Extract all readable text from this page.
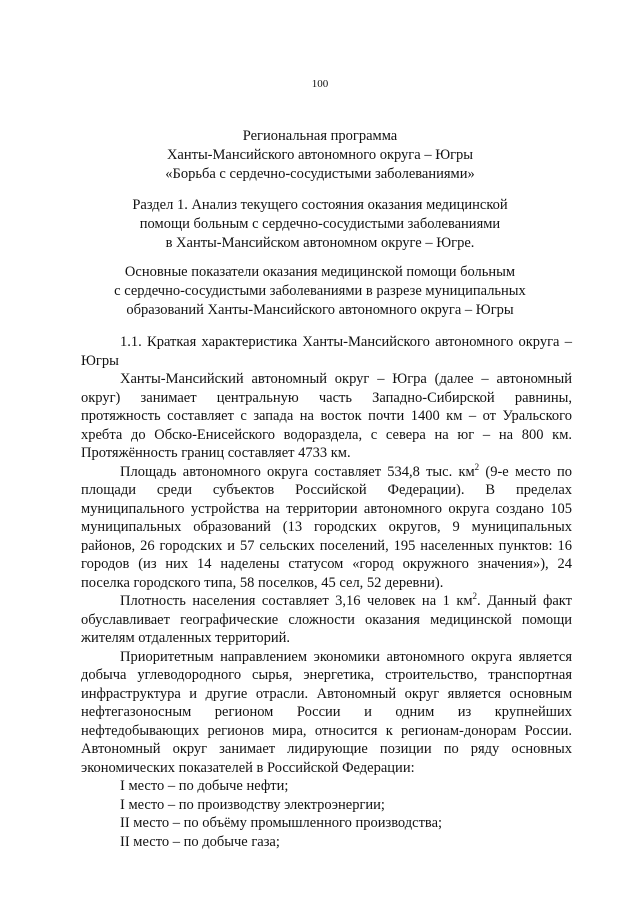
100
Региональная программа
Ханты-Мансийского автономного округа – Югры
«Борьба с сердечно-сосудистыми заболеваниями»
Раздел 1. Анализ текущего состояния оказания медицинской
помощи больным с сердечно-сосудистыми заболеваниями
в Ханты-Мансийском автономном округе – Югре.
Основные показатели оказания медицинской помощи больным
с сердечно-сосудистыми заболеваниями в разрезе муниципальных
образований Ханты-Мансийского автономного округа – Югры

1.1. Краткая характеристика Ханты-Мансийского автономного округа – Югры

Ханты-Мансийский автономный округ – Югра (далее – автономный округ) занимает центральную часть Западно-Сибирской равнины, протяжность составляет с запада на восток почти 1400 км – от Уральского хребта до Обско-Енисейского водораздела, с севера на юг – на 800 км. Протяжённость границ составляет 4733 км.

Площадь автономного округа составляет 534,8 тыс. $км^2$ (9-е место по площади среди субъектов Российской Федерации). В пределах муниципального устройства на территории автономного округа создано 105 муниципальных образований (13 городских округов, 9 муниципальных районов, 26 городских и 57 сельских поселений, 195 населенных пунктов: 16 городов (из них 14 наделены статусом «город окружного значения»), 24 поселка городского типа, 58 поселков, 45 сел, 52 деревни).

Плотность населения составляет 3,16 человек на 1 $км^2$. Данный факт обуславливает географические сложности оказания медицинской помощи жителям отдаленных территорий.

Приоритетным направлением экономики автономного округа является добыча углеводородного сырья, энергетика, строительство, транспортная инфраструктура и другие отрасли. Автономный округ является основным нефтегазоносным регионом России и одним из крупнейших нефтедобывающих регионов мира, относится к регионам-донорам России. Автономный округ занимает лидирующие позиции по ряду основных экономических показателей в Российской Федерации:

I место – по добыче нефти;

I место – по производству электроэнергии;

II место – по объёму промышленного производства;

II место – по добыче газа;
